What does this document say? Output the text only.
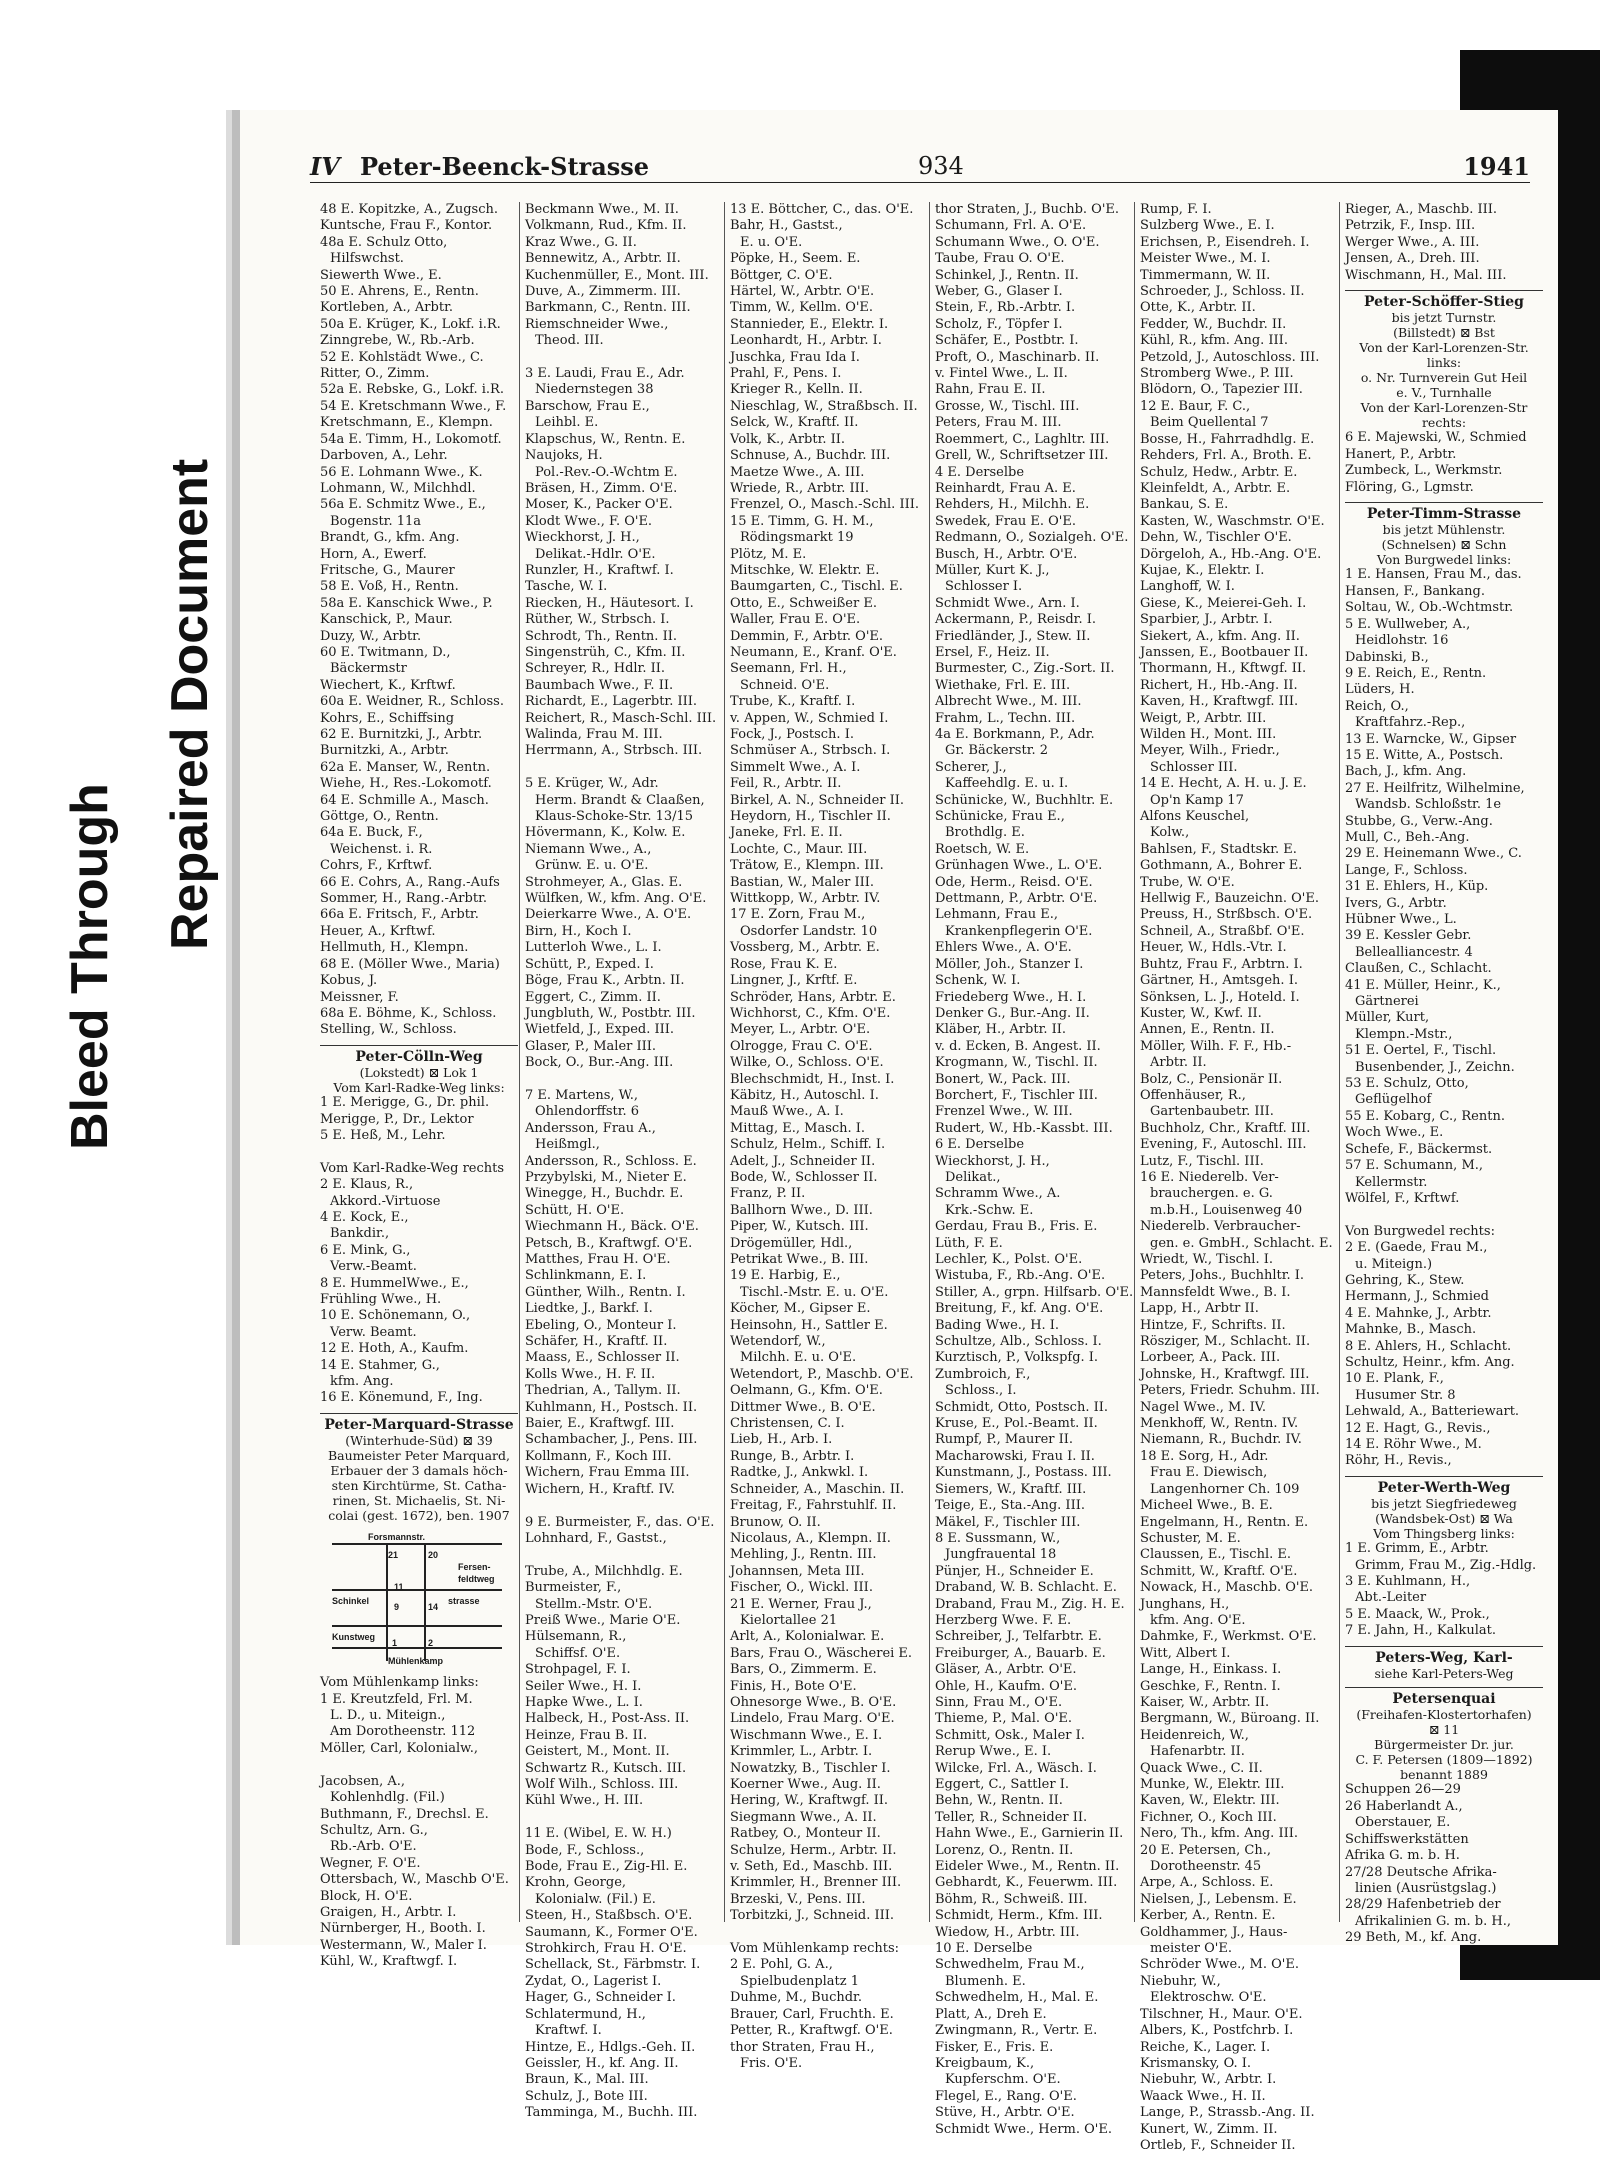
Bleed Through
Repaired Document
IV Peter-Beenck-Strasse	934	1941
48 E. Kopitzke, A., Zugsch.
Kuntsche, Frau F., Kontor.
48a E. Schulz Otto,
Hilfswchst.
Siewerth Wwe., E.
50 E. Ahrens, E., Rentn.
Kortleben, A., Arbtr.
50a E. Krüger, K., Lokf. i.R.
Zinngrebe, W., Rb.-Arb.
52 E. Kohlstädt Wwe., C.
Ritter, O., Zimm.
52a E. Rebske, G., Lokf. i.R.
54 E. Kretschmann Wwe., F.
Kretschmann, E., Klempn.
54a E. Timm, H., Lokomotf.
Darboven, A., Lehr.
56 E. Lohmann Wwe., K.
Lohmann, W., Milchhdl.
56a E. Schmitz Wwe., E.,
Bogenstr. 11a
Brandt, G., kfm. Ang.
Horn, A., Ewerf.
Fritsche, G., Maurer
58 E. Voß, H., Rentn.
58a E. Kanschick Wwe., P.
Kanschick, P., Maur.
Duzy, W., Arbtr.
60 E. Twitmann, D.,
Bäckermstr
Wiechert, K., Krftwf.
60a E. Weidner, R., Schloss.
Kohrs, E., Schiffsing
62 E. Burnitzki, J., Arbtr.
Burnitzki, A., Arbtr.
62a E. Manser, W., Rentn.
Wiehe, H., Res.-Lokomotf.
64 E. Schmille A., Masch.
Göttge, O., Rentn.
64a E. Buck, F.,
Weichenst. i. R.
Cohrs, F., Krftwf.
66 E. Cohrs, A., Rang.-Aufs
Sommer, H., Rang.-Arbtr.
66a E. Fritsch, F., Arbtr.
Heuer, A., Krftwf.
Hellmuth, H., Klempn.
68 E. (Möller Wwe., Maria)
Kobus, J.
Meissner, F.
68a E. Böhme, K., Schloss.
Stelling, W., Schloss.
Peter-Cölln-Weg
(Lokstedt) ⊠ Lok 1
Vom Karl-Radke-Weg links:
1 E. Merigge, G., Dr. phil.
Merigge, P., Dr., Lektor
5 E. Heß, M., Lehr.

Vom Karl-Radke-Weg rechts
2 E. Klaus, R.,
Akkord.-Virtuose
4 E. Kock, E.,
Bankdir.,
6 E. Mink, G.,
Verw.-Beamt.
8 E. HummelWwe., E.,
Frühling Wwe., H.
10 E. Schönemann, O.,
Verw. Beamt.
12 E. Hoth, A., Kaufm.
14 E. Stahmer, G.,
kfm. Ang.
16 E. Könemund, F., Ing.
Peter-Marquard-Strasse
(Winterhude-Süd) ⊠ 39
Baumeister Peter Marquard,
Erbauer der 3 damals höch-
sten Kirchtürme, St. Catha-
rinen, St. Michaelis, St. Ni-
colai (gest. 1672), ben. 1907
Forsmannstr.
21	20
Fersen-
feldtweg
11
Schinkel	strasse
9	14
Kunstweg
1	2
Mühlenkamp
Vom Mühlenkamp links:
1 E. Kreutzfeld, Frl. M.
L. D., u. Miteign.,
Am Dorotheenstr. 112
Möller, Carl, Kolonialw.,

Jacobsen, A.,
Kohlenhdlg. (Fil.)
Buthmann, F., Drechsl. E.
Schultz, Arn. G.,
Rb.-Arb. O'E.
Wegner, F. O'E.
Ottersbach, W., Maschb O'E.
Block, H. O'E.
Graigen, H., Arbtr. I.
Nürnberger, H., Booth. I.
Westermann, W., Maler I.
Kühl, W., Kraftwgf. I.
Beckmann Wwe., M. II.
Volkmann, Rud., Kfm. II.
Kraz Wwe., G. II.
Bennewitz, A., Arbtr. II.
Kuchenmüller, E., Mont. III.
Duve, A., Zimmerm. III.
Barkmann, C., Rentn. III.
Riemschneider Wwe.,
Theod. III.

3 E. Laudi, Frau E., Adr.
Niedernstegen 38
Barschow, Frau E.,
Leihbl. E.
Klapschus, W., Rentn. E.
Naujoks, H.
Pol.-Rev.-O.-Wchtm E.
Bräsen, H., Zimm. O'E.
Moser, K., Packer O'E.
Klodt Wwe., F. O'E.
Wieckhorst, J. H.,
Delikat.-Hdlr. O'E.
Runzler, H., Kraftwf. I.
Tasche, W. I.
Riecken, H., Häutesort. I.
Rüther, W., Strbsch. I.
Schrodt, Th., Rentn. II.
Singenstrüh, C., Kfm. II.
Schreyer, R., Hdlr. II.
Baumbach Wwe., F. II.
Richardt, E., Lagerbtr. III.
Reichert, R., Masch-Schl. III.
Walinda, Frau M. III.
Herrmann, A., Strbsch. III.

5 E. Krüger, W., Adr.
Herm. Brandt & Claaßen,
Klaus-Schoke-Str. 13/15
Hövermann, K., Kolw. E.
Niemann Wwe., A.,
Grünw. E. u. O'E.
Strohmeyer, A., Glas. E.
Wülfken, W., kfm. Ang. O'E.
Deierkarre Wwe., A. O'E.
Birn, H., Koch I.
Lutterloh Wwe., L. I.
Schütt, P., Exped. I.
Böge, Frau K., Arbtn. II.
Eggert, C., Zimm. II.
Jungbluth, W., Postbtr. III.
Wietfeld, J., Exped. III.
Glaser, P., Maler III.
Bock, O., Bur.-Ang. III.

7 E. Martens, W.,
Ohlendorffstr. 6
Andersson, Frau A.,
Heißmgl.,
Andersson, R., Schloss. E.
Przybylski, M., Nieter E.
Winegge, H., Buchdr. E.
Schütt, H. O'E.
Wiechmann H., Bäck. O'E.
Petsch, B., Kraftwgf. O'E.
Matthes, Frau H. O'E.
Schlinkmann, E. I.
Günther, Wilh., Rentn. I.
Liedtke, J., Barkf. I.
Ebeling, O., Monteur I.
Schäfer, H., Kraftf. II.
Maass, E., Schlosser II.
Kolls Wwe., H. F. II.
Thedrian, A., Tallym. II.
Kuhlmann, H., Postsch. II.
Baier, E., Kraftwgf. III.
Schambacher, J., Pens. III.
Kollmann, F., Koch III.
Wichern, Frau Emma III.
Wichern, H., Kraftf. IV.

9 E. Burmeister, F., das. O'E.
Lohnhard, F., Gastst.,

Trube, A., Milchhdlg. E.
Burmeister, F.,
Stellm.-Mstr. O'E.
Preiß Wwe., Marie O'E.
Hülsemann, R.,
Schiffsf. O'E.
Strohpagel, F. I.
Seiler Wwe., H. I.
Hapke Wwe., L. I.
Halbeck, H., Post-Ass. II.
Heinze, Frau B. II.
Geistert, M., Mont. II.
Schwartz R., Kutsch. III.
Wolf Wilh., Schloss. III.
Kühl Wwe., H. III.

11 E. (Wibel, E. W. H.)
Bode, F., Schloss.,
Bode, Frau E., Zig-Hl. E.
Krohn, George,
Kolonialw. (Fil.) E.
Steen, H., Staßbsch. O'E.
Saumann, K., Former O'E.
Strohkirch, Frau H. O'E.
Schellack, St., Färbmstr. I.
Zydat, O., Lagerist I.
Hager, G., Schneider I.
Schlatermund, H.,
Kraftwf. I.
Hintze, E., Hdlgs.-Geh. II.
Geissler, H., kf. Ang. II.
Braun, K., Mal. III.
Schulz, J., Bote III.
Tamminga, M., Buchh. III.
13 E. Böttcher, C., das. O'E.
Bahr, H., Gastst.,
E. u. O'E.
Pöpke, H., Seem. E.
Böttger, C. O'E.
Härtel, W., Arbtr. O'E.
Timm, W., Kellm. O'E.
Stannieder, E., Elektr. I.
Leonhardt, H., Arbtr. I.
Juschka, Frau Ida I.
Prahl, F., Pens. I.
Krieger R., Kelln. II.
Nieschlag, W., Straßbsch. II.
Selck, W., Kraftf. II.
Volk, K., Arbtr. II.
Schnuse, A., Buchdr. III.
Maetze Wwe., A. III.
Wriede, R., Arbtr. III.
Frenzel, O., Masch.-Schl. III.
15 E. Timm, G. H. M.,
Rödingsmarkt 19
Plötz, M. E.
Mitschke, W. Elektr. E.
Baumgarten, C., Tischl. E.
Otto, E., Schweißer E.
Waller, Frau E. O'E.
Demmin, F., Arbtr. O'E.
Neumann, E., Kranf. O'E.
Seemann, Frl. H.,
Schneid. O'E.
Trube, K., Kraftf. I.
v. Appen, W., Schmied I.
Fock, J., Postsch. I.
Schmüser A., Strbsch. I.
Simmelt Wwe., A. I.
Feil, R., Arbtr. II.
Birkel, A. N., Schneider II.
Heydorn, H., Tischler II.
Janeke, Frl. E. II.
Lochte, C., Maur. III.
Trätow, E., Klempn. III.
Bastian, W., Maler III.
Wittkopp, W., Arbtr. IV.
17 E. Zorn, Frau M.,
Osdorfer Landstr. 10
Vossberg, M., Arbtr. E.
Rose, Frau K. E.
Lingner, J., Krftf. E.
Schröder, Hans, Arbtr. E.
Wichhorst, C., Kfm. O'E.
Meyer, L., Arbtr. O'E.
Olrogge, Frau C. O'E.
Wilke, O., Schloss. O'E.
Blechschmidt, H., Inst. I.
Käbitz, H., Autoschl. I.
Mauß Wwe., A. I.
Mittag, E., Masch. I.
Schulz, Helm., Schiff. I.
Adelt, J., Schneider II.
Bode, W., Schlosser II.
Franz, P. II.
Ballhorn Wwe., D. III.
Piper, W., Kutsch. III.
Drögemüller, Hdl.,
Petrikat Wwe., B. III.
19 E. Harbig, E.,
Tischl.-Mstr. E. u. O'E.
Köcher, M., Gipser E.
Heinsohn, H., Sattler E.
Wetendorf, W.,
Milchh. E. u. O'E.
Wetendort, P., Maschb. O'E.
Oelmann, G., Kfm. O'E.
Dittmer Wwe., B. O'E.
Christensen, C. I.
Lieb, H., Arb. I.
Runge, B., Arbtr. I.
Radtke, J., Ankwkl. I.
Schneider, A., Maschin. II.
Freitag, F., Fahrstuhlf. II.
Brunow, O. II.
Nicolaus, A., Klempn. II.
Mehling, J., Rentn. III.
Johannsen, Meta III.
Fischer, O., Wickl. III.
21 E. Werner, Frau J.,
Kielortallee 21
Arlt, A., Kolonialwar. E.
Bars, Frau O., Wäscherei E.
Bars, O., Zimmerm. E.
Finis, H., Bote O'E.
Ohnesorge Wwe., B. O'E.
Lindelo, Frau Marg. O'E.
Wischmann Wwe., E. I.
Krimmler, L., Arbtr. I.
Nowatzky, B., Tischler I.
Koerner Wwe., Aug. II.
Hering, W., Kraftwgf. II.
Siegmann Wwe., A. II.
Ratbey, O., Monteur II.
Schulze, Herm., Arbtr. II.
v. Seth, Ed., Maschb. III.
Krimmler, H., Brenner III.
Brzeski, V., Pens. III.
Torbitzki, J., Schneid. III.

Vom Mühlenkamp rechts:
2 E. Pohl, G. A.,
Spielbudenplatz 1
Duhme, M., Buchdr.
Brauer, Carl, Fruchth. E.
Petter, R., Kraftwgf. O'E.
thor Straten, Frau H.,
Fris. O'E.
thor Straten, J., Buchb. O'E.
Schumann, Frl. A. O'E.
Schumann Wwe., O. O'E.
Taube, Frau O. O'E.
Schinkel, J., Rentn. II.
Weber, G., Glaser I.
Stein, F., Rb.-Arbtr. I.
Scholz, F., Töpfer I.
Schäfer, E., Postbtr. I.
Proft, O., Maschinarb. II.
v. Fintel Wwe., L. II.
Rahn, Frau E. II.
Grosse, W., Tischl. III.
Peters, Frau M. III.
Roemmert, C., Laghltr. III.
Grell, W., Schriftsetzer III.
4 E. Derselbe
Reinhardt, Frau A. E.
Rehders, H., Milchh. E.
Swedek, Frau E. O'E.
Redmann, O., Sozialgeh. O'E.
Busch, H., Arbtr. O'E.
Müller, Kurt K. J.,
Schlosser I.
Schmidt Wwe., Arn. I.
Ackermann, P., Reisdr. I.
Friedländer, J., Stew. II.
Ersel, F., Heiz. II.
Burmester, C., Zig.-Sort. II.
Wiethake, Frl. E. III.
Albrecht Wwe., M. III.
Frahm, L., Techn. III.
4a E. Borkmann, P., Adr.
Gr. Bäckerstr. 2
Scherer, J.,
Kaffeehdlg. E. u. I.
Schünicke, W., Buchhltr. E.
Schünicke, Frau E.,
Brothdlg. E.
Roetsch, W. E.
Grünhagen Wwe., L. O'E.
Ode, Herm., Reisd. O'E.
Dettmann, P., Arbtr. O'E.
Lehmann, Frau E.,
Krankenpflegerin O'E.
Ehlers Wwe., A. O'E.
Möller, Joh., Stanzer I.
Schenk, W. I.
Friedeberg Wwe., H. I.
Denker G., Bur.-Ang. II.
Kläber, H., Arbtr. II.
v. d. Ecken, B. Angest. II.
Krogmann, W., Tischl. II.
Bonert, W., Pack. III.
Borchert, F., Tischler III.
Frenzel Wwe., W. III.
Rudert, W., Hb.-Kassbt. III.
6 E. Derselbe
Wieckhorst, J. H.,
Delikat.,
Schramm Wwe., A.
Krk.-Schw. E.
Gerdau, Frau B., Fris. E.
Lüth, F. E.
Lechler, K., Polst. O'E.
Wistuba, F., Rb.-Ang. O'E.
Stiller, A., grpn. Hilfsarb. O'E.
Breitung, F., kf. Ang. O'E.
Bading Wwe., H. I.
Schultze, Alb., Schloss. I.
Kurztisch, P., Volkspfg. I.
Zumbroich, F.,
Schloss., I.
Schmidt, Otto, Postsch. II.
Kruse, E., Pol.-Beamt. II.
Rumpf, P., Maurer II.
Macharowski, Frau I. II.
Kunstmann, J., Postass. III.
Siemers, W., Kraftf. III.
Teige, E., Sta.-Ang. III.
Mäkel, F., Tischler III.
8 E. Sussmann, W.,
Jungfrauental 18
Pünjer, H., Schneider E.
Draband, W. B. Schlacht. E.
Draband, Frau M., Zig. H. E.
Herzberg Wwe. F. E.
Schreiber, J., Telfarbtr. E.
Freiburger, A., Bauarb. E.
Gläser, A., Arbtr. O'E.
Ohle, H., Kaufm. O'E.
Sinn, Frau M., O'E.
Thieme, P., Mal. O'E.
Schmitt, Osk., Maler I.
Rerup Wwe., E. I.
Wilcke, Frl. A., Wäsch. I.
Eggert, C., Sattler I.
Behn, W., Rentn. II.
Teller, R., Schneider II.
Hahn Wwe., E., Garnierin II.
Lorenz, O., Rentn. II.
Eideler Wwe., M., Rentn. II.
Gebhardt, K., Feuerwm. III.
Böhm, R., Schweiß. III.
Schmidt, Herm., Kfm. III.
Wiedow, H., Arbtr. III.
10 E. Derselbe
Schwedhelm, Frau M.,
Blumenh. E.
Schwedhelm, H., Mal. E.
Platt, A., Dreh E.
Zwingmann, R., Vertr. E.
Fisker, E., Fris. E.
Kreigbaum, K.,
Kupferschm. O'E.
Flegel, E., Rang. O'E.
Stüve, H., Arbtr. O'E.
Schmidt Wwe., Herm. O'E.
Rump, F. I.
Sulzberg Wwe., E. I.
Erichsen, P., Eisendreh. I.
Meister Wwe., M. I.
Timmermann, W. II.
Schroeder, J., Schloss. II.
Otte, K., Arbtr. II.
Fedder, W., Buchdr. II.
Kühl, R., kfm. Ang. III.
Petzold, J., Autoschloss. III.
Stromberg Wwe., P. III.
Blödorn, O., Tapezier III.
12 E. Baur, F. C.,
Beim Quellental 7
Bosse, H., Fahrradhdlg. E.
Rehders, Frl. A., Broth. E.
Schulz, Hedw., Arbtr. E.
Kleinfeldt, A., Arbtr. E.
Bankau, S. E.
Kasten, W., Waschmstr. O'E.
Dehn, W., Tischler O'E.
Dörgeloh, A., Hb.-Ang. O'E.
Kujae, K., Elektr. I.
Langhoff, W. I.
Giese, K., Meierei-Geh. I.
Sparbier, J., Arbtr. I.
Siekert, A., kfm. Ang. II.
Janssen, E., Bootbauer II.
Thormann, H., Kftwgf. II.
Richert, H., Hb.-Ang. II.
Kaven, H., Kraftwgf. III.
Weigt, P., Arbtr. III.
Wilden H., Mont. III.
Meyer, Wilh., Friedr.,
Schlosser III.
14 E. Hecht, A. H. u. J. E.
Op'n Kamp 17
Alfons Keuschel,
Kolw.,
Bahlsen, F., Stadtskr. E.
Gothmann, A., Bohrer E.
Trube, W. O'E.
Hellwig F., Bauzeichn. O'E.
Preuss, H., Strßbsch. O'E.
Schneil, A., Straßbf. O'E.
Heuer, W., Hdls.-Vtr. I.
Buhtz, Frau F., Arbtrn. I.
Gärtner, H., Amtsgeh. I.
Sönksen, L. J., Hoteld. I.
Kuster, W., Kwf. II.
Annen, E., Rentn. II.
Möller, Wilh. F. F., Hb.-
Arbtr. II.
Bolz, C., Pensionär II.
Offenhäuser, R.,
Gartenbaubetr. III.
Buchholz, Chr., Kraftf. III.
Evening, F., Autoschl. III.
Lutz, F., Tischl. III.
16 E. Niederelb. Ver-
brauchergen. e. G.
m.b.H., Louisenweg 40
Niederelb. Verbraucher-
gen. e. GmbH., Schlacht. E.
Wriedt, W., Tischl. I.
Peters, Johs., Buchhltr. I.
Mannsfeldt Wwe., B. I.
Lapp, H., Arbtr II.
Hintze, F., Schrifts. II.
Rösziger, M., Schlacht. II.
Lorbeer, A., Pack. III.
Johnske, H., Kraftwgf. III.
Peters, Friedr. Schuhm. III.
Nagel Wwe., M. IV.
Menkhoff, W., Rentn. IV.
Niemann, R., Buchdr. IV.
18 E. Sorg, H., Adr.
Frau E. Diewisch,
Langenhorner Ch. 109
Micheel Wwe., B. E.
Engelmann, H., Rentn. E.
Schuster, M. E.
Claussen, E., Tischl. E.
Schmitt, W., Kraftf. O'E.
Nowack, H., Maschb. O'E.
Junghans, H.,
kfm. Ang. O'E.
Dahmke, F., Werkmst. O'E.
Witt, Albert I.
Lange, H., Einkass. I.
Geschke, F., Rentn. I.
Kaiser, W., Arbtr. II.
Bergmann, W., Büroang. II.
Heidenreich, W.,
Hafenarbtr. II.
Quack Wwe., C. II.
Munke, W., Elektr. III.
Kaven, W., Elektr. III.
Fichner, O., Koch III.
Nero, Th., kfm. Ang. III.
20 E. Petersen, Ch.,
Dorotheenstr. 45
Arpe, A., Schloss. E.
Nielsen, J., Lebensm. E.
Kerber, A., Rentn. E.
Goldhammer, J., Haus-
meister O'E.
Schröder Wwe., M. O'E.
Niebuhr, W.,
Elektroschw. O'E.
Tilschner, H., Maur. O'E.
Albers, K., Postfchrb. I.
Reiche, K., Lager. I.
Krismansky, O. I.
Niebuhr, W., Arbtr. I.
Waack Wwe., H. II.
Lange, P., Strassb.-Ang. II.
Kunert, W., Zimm. II.
Ortleb, F., Schneider II.
Rieger, A., Maschb. III.
Petrzik, F., Insp. III.
Werger Wwe., A. III.
Jensen, A., Dreh. III.
Wischmann, H., Mal. III.
Peter-Schöffer-Stieg
bis jetzt Turnstr.
(Billstedt) ⊠ Bst
Von der Karl-Lorenzen-Str.
links:
o. Nr. Turnverein Gut Heil
e. V., Turnhalle
Von der Karl-Lorenzen-Str
rechts:
6 E. Majewski, W., Schmied
Hanert, P., Arbtr.
Zumbeck, L., Werkmstr.
Flöring, G., Lgmstr.
Peter-Timm-Strasse
bis jetzt Mühlenstr.
(Schnelsen) ⊠ Schn
Von Burgwedel links:
1 E. Hansen, Frau M., das.
Hansen, F., Bankang.
Soltau, W., Ob.-Wchtmstr.
5 E. Wullweber, A.,
Heidlohstr. 16
Dabinski, B.,
9 E. Reich, E., Rentn.
Lüders, H.
Reich, O.,
Kraftfahrz.-Rep.,
13 E. Warncke, W., Gipser
15 E. Witte, A., Postsch.
Bach, J., kfm. Ang.
27 E. Heilfritz, Wilhelmine,
Wandsb. Schloßstr. 1e
Stubbe, G., Verw.-Ang.
Mull, C., Beh.-Ang.
29 E. Heinemann Wwe., C.
Lange, F., Schloss.
31 E. Ehlers, H., Küp.
Ivers, G., Arbtr.
Hübner Wwe., L.
39 E. Kessler Gebr.
Bellealliancestr. 4
Claußen, C., Schlacht.
41 E. Müller, Heinr., K.,
Gärtnerei
Müller, Kurt,
Klempn.-Mstr.,
51 E. Oertel, F., Tischl.
Busenbender, J., Zeichn.
53 E. Schulz, Otto,
Geflügelhof
55 E. Kobarg, C., Rentn.
Woch Wwe., E.
Schefe, F., Bäckermst.
57 E. Schumann, M.,
Kellermstr.
Wölfel, F., Krftwf.

Von Burgwedel rechts:
2 E. (Gaede, Frau M.,
u. Miteign.)
Gehring, K., Stew.
Hermann, J., Schmied
4 E. Mahnke, J., Arbtr.
Mahnke, B., Masch.
8 E. Ahlers, H., Schlacht.
Schultz, Heinr., kfm. Ang.
10 E. Plank, F.,
Husumer Str. 8
Lehwald, A., Batteriewart.
12 E. Hagt, G., Revis.,
14 E. Röhr Wwe., M.
Röhr, H., Revis.,
Peter-Werth-Weg
bis jetzt Siegfriedeweg
(Wandsbek-Ost) ⊠ Wa
Vom Thingsberg links:
1 E. Grimm, E., Arbtr.
Grimm, Frau M., Zig.-Hdlg.
3 E. Kuhlmann, H.,
Abt.-Leiter
5 E. Maack, W., Prok.,
7 E. Jahn, H., Kalkulat.
Peters-Weg, Karl-
siehe Karl-Peters-Weg
Petersenquai
(Freihafen-Klostertorhafen)
⊠ 11
Bürgermeister Dr. jur.
C. F. Petersen (1809—1892)
benannt 1889
Schuppen 26—29
26 Haberlandt A.,
Oberstauer, E.
Schiffswerkstätten
Afrika G. m. b. H.
27/28 Deutsche Afrika-
linien (Ausrüstgslag.)
28/29 Hafenbetrieb der
Afrikalinien G. m. b. H.,
29 Beth, M., kf. Ang.
